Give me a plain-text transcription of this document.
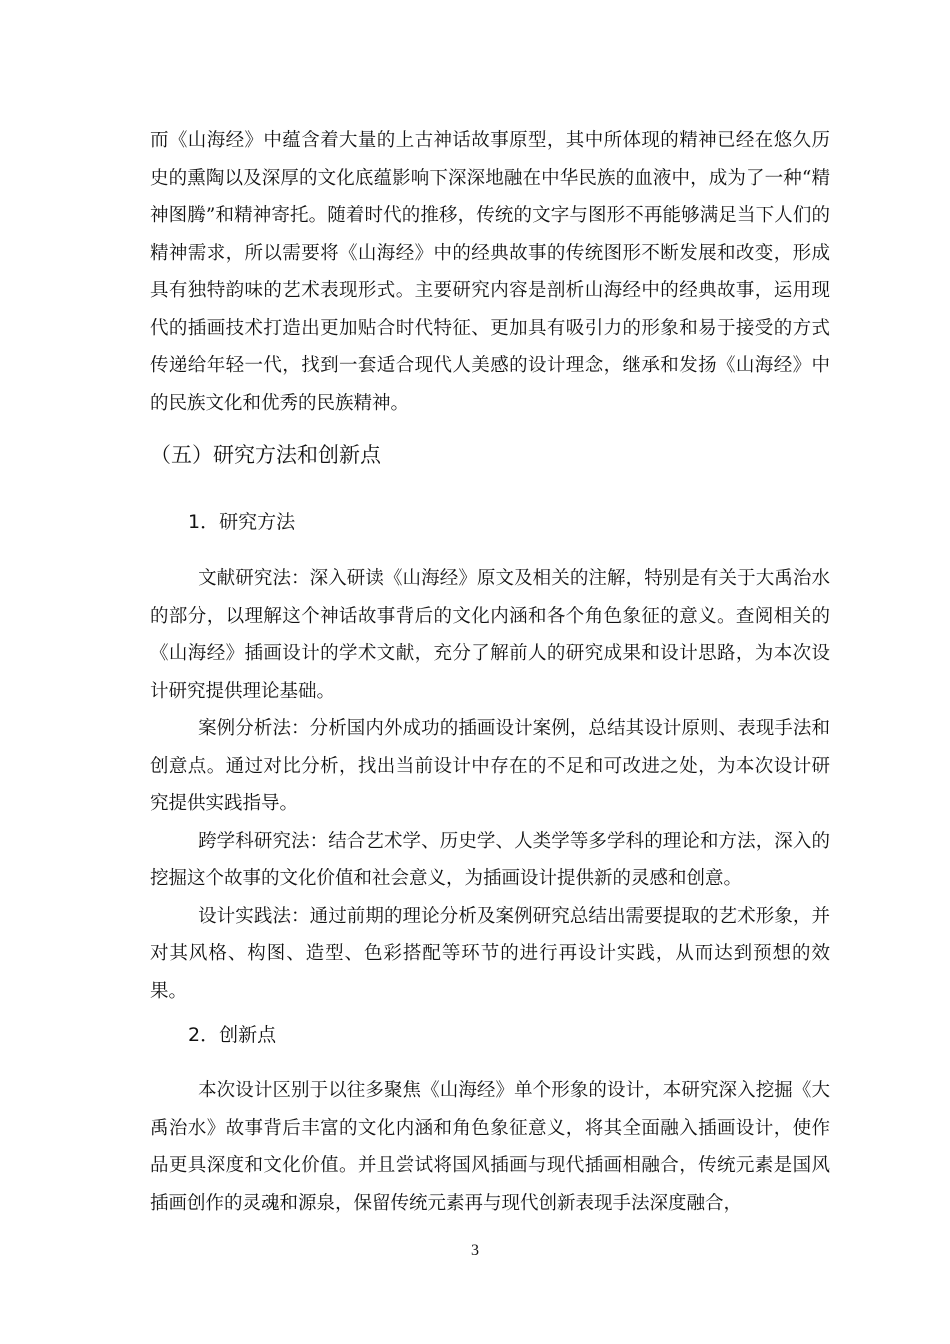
而《山海经》中蕴含着大量的上古神话故事原型，其中所体现的精神已经在悠久历史的熏陶以及深厚的文化底蕴影响下深深地融在中华民族的血液中，成为了一种“精神图腾”和精神寄托。随着时代的推移，传统的文字与图形不再能够满足当下人们的精神需求，所以需要将《山海经》中的经典故事的传统图形不断发展和改变，形成具有独特韵味的艺术表现形式。主要研究内容是剖析山海经中的经典故事，运用现代的插画技术打造出更加贴合时代特征、更加具有吸引力的形象和易于接受的方式传递给年轻一代，找到一套适合现代人美感的设计理念，继承和发扬《山海经》中的民族文化和优秀的民族精神。

（五）研究方法和创新点
1．研究方法

文献研究法：深入研读《山海经》原文及相关的注解，特别是有关于大禹治水的部分，以理解这个神话故事背后的文化内涵和各个角色象征的意义。查阅相关的《山海经》插画设计的学术文献，充分了解前人的研究成果和设计思路，为本次设计研究提供理论基础。

案例分析法：分析国内外成功的插画设计案例，总结其设计原则、表现手法和创意点。通过对比分析，找出当前设计中存在的不足和可改进之处，为本次设计研究提供实践指导。

跨学科研究法：结合艺术学、历史学、人类学等多学科的理论和方法，深入的挖掘这个故事的文化价值和社会意义，为插画设计提供新的灵感和创意。

设计实践法：通过前期的理论分析及案例研究总结出需要提取的艺术形象，并对其风格、构图、造型、色彩搭配等环节的进行再设计实践，从而达到预想的效果。

2．创新点

本次设计区别于以往多聚焦《山海经》单个形象的设计，本研究深入挖掘《大禹治水》故事背后丰富的文化内涵和角色象征意义，将其全面融入插画设计，使作品更具深度和文化价值。并且尝试将国风插画与现代插画相融合，传统元素是国风插画创作的灵魂和源泉，保留传统元素再与现代创新表现手法深度融合，

3
